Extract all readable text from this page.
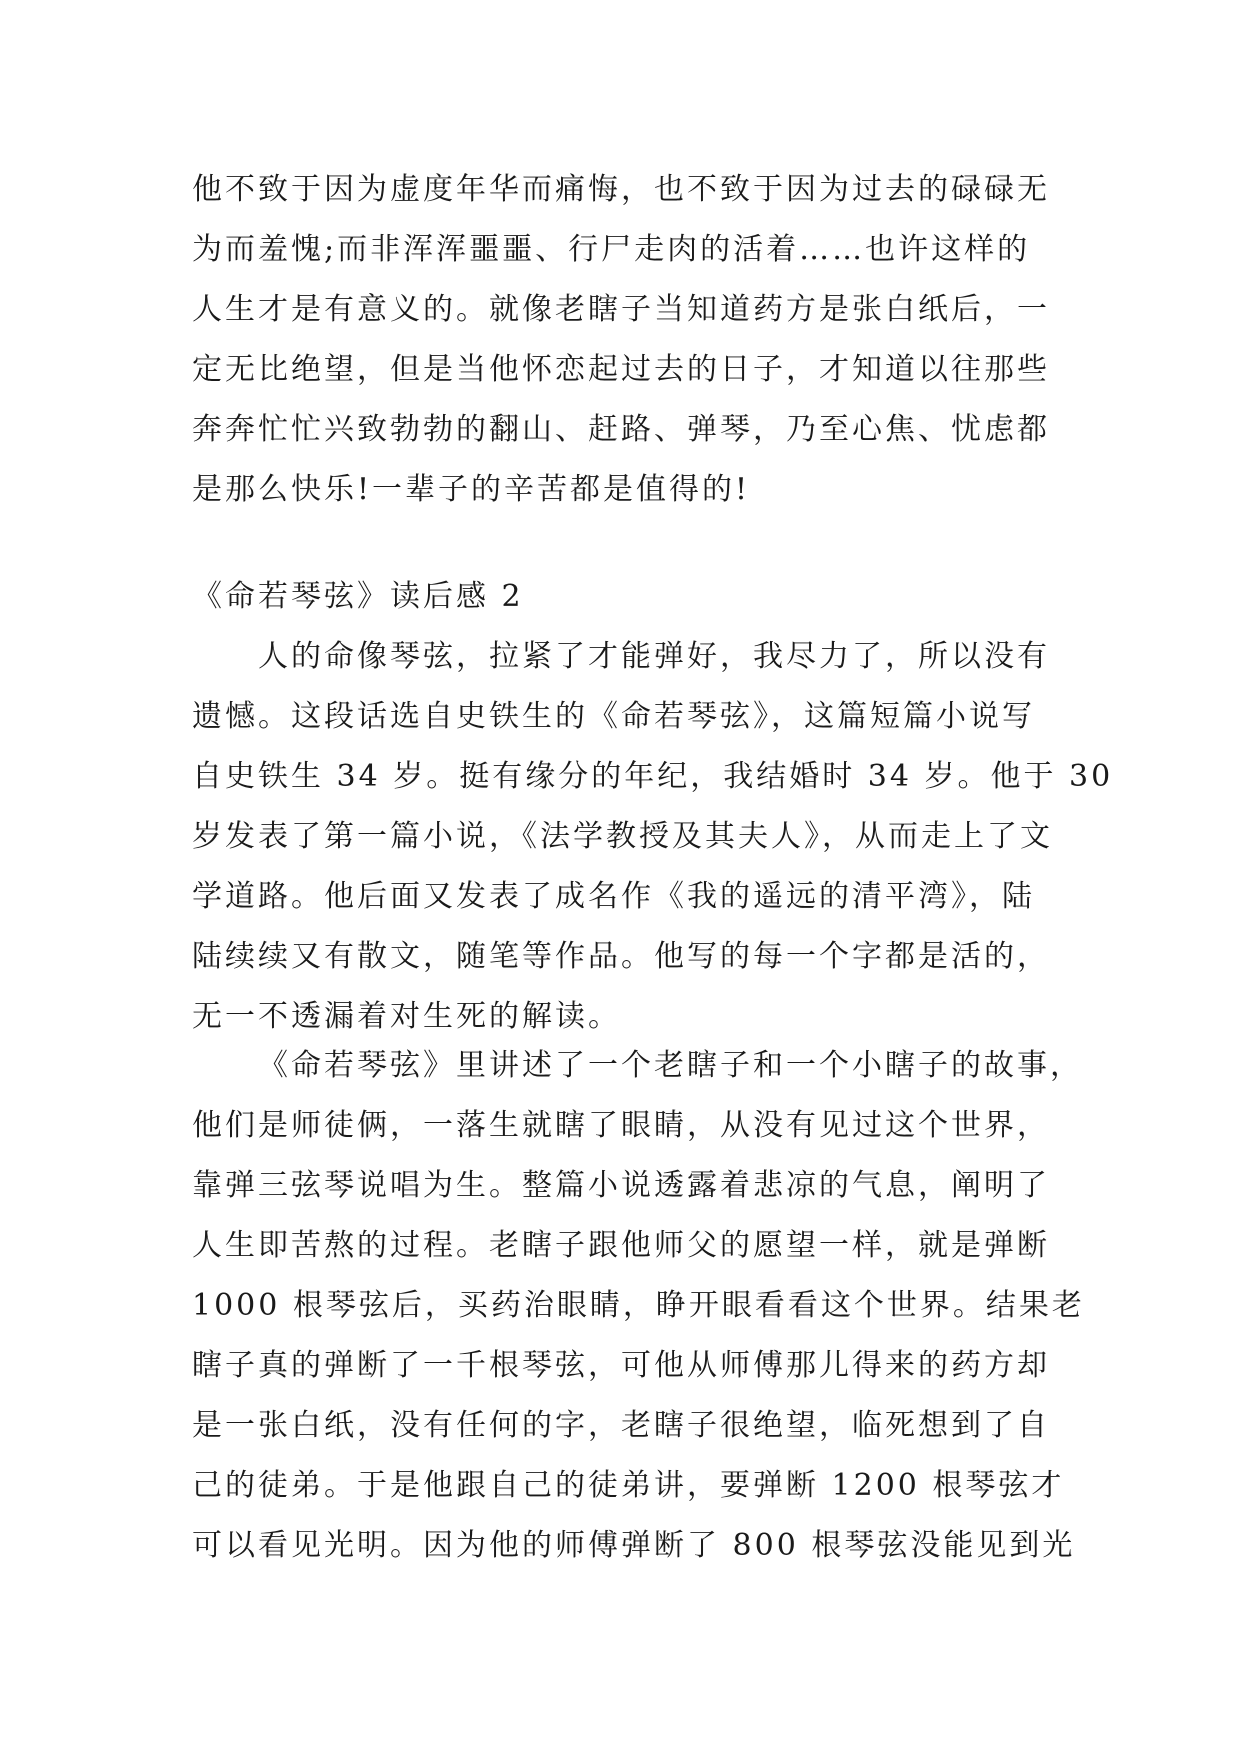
他不致于因为虚度年华而痛悔，也不致于因为过去的碌碌无
为而羞愧;而非浑浑噩噩、行尸走肉的活着……也许这样的
人生才是有意义的。就像老瞎子当知道药方是张白纸后，一
定无比绝望，但是当他怀恋起过去的日子，才知道以往那些
奔奔忙忙兴致勃勃的翻山、赶路、弹琴，乃至心焦、忧虑都
是那么快乐!一辈子的辛苦都是值得的!
《命若琴弦》读后感 2
人的命像琴弦，拉紧了才能弹好，我尽力了，所以没有
遗憾。这段话选自史铁生的《命若琴弦》，这篇短篇小说写
自史铁生 34 岁。挺有缘分的年纪，我结婚时 34 岁。他于 30
岁发表了第一篇小说，《法学教授及其夫人》，从而走上了文
学道路。他后面又发表了成名作《我的遥远的清平湾》，陆
陆续续又有散文，随笔等作品。他写的每一个字都是活的，
无一不透漏着对生死的解读。
《命若琴弦》里讲述了一个老瞎子和一个小瞎子的故事，
他们是师徒俩，一落生就瞎了眼睛，从没有见过这个世界，
靠弹三弦琴说唱为生。整篇小说透露着悲凉的气息，阐明了
人生即苦熬的过程。老瞎子跟他师父的愿望一样，就是弹断
1000 根琴弦后，买药治眼睛，睁开眼看看这个世界。结果老
瞎子真的弹断了一千根琴弦，可他从师傅那儿得来的药方却
是一张白纸，没有任何的字，老瞎子很绝望，临死想到了自
己的徒弟。于是他跟自己的徒弟讲，要弹断 1200 根琴弦才
可以看见光明。因为他的师傅弹断了 800 根琴弦没能见到光
